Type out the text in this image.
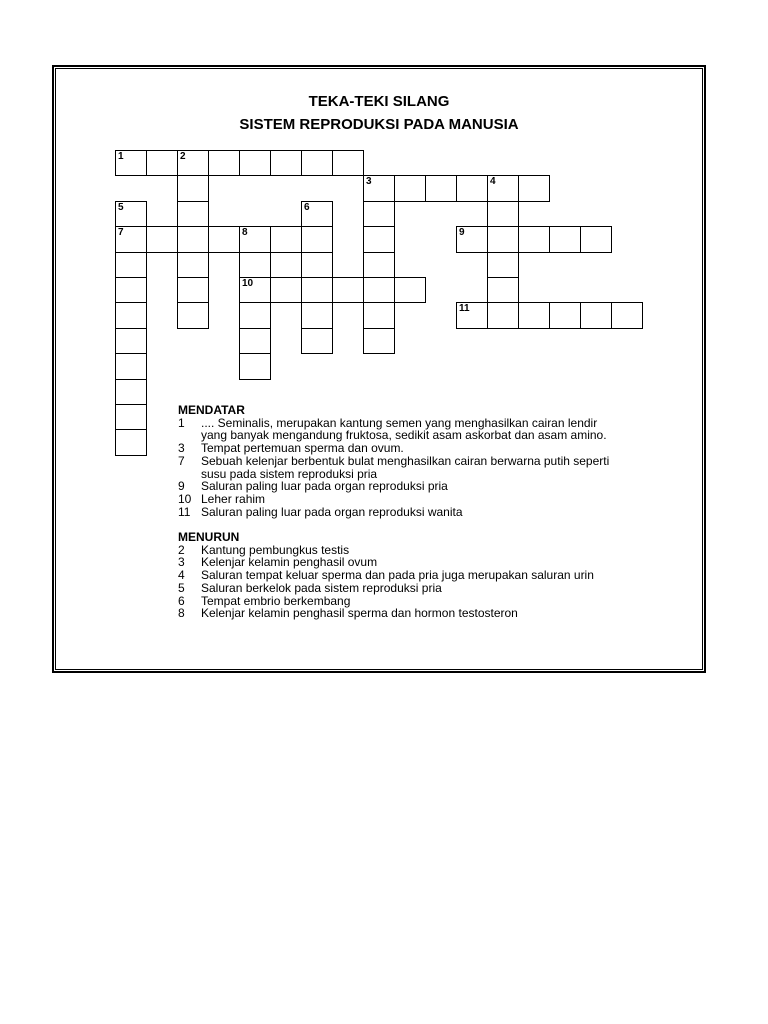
TEKA-TEKI SILANG
SISTEM REPRODUKSI PADA MANUSIA
1	2
3	4
5	6
7	8	9
10
11
MENDATAR
1	.... Seminalis, merupakan kantung semen yang menghasilkan cairan lendir
yang banyak mengandung fruktosa, sedikit asam askorbat dan asam amino.
3	Tempat pertemuan sperma dan ovum.
7	Sebuah kelenjar berbentuk bulat menghasilkan cairan berwarna putih seperti
susu pada sistem reproduksi pria
9	Saluran paling luar pada organ reproduksi pria
10 Leher rahim
11 Saluran paling luar pada organ reproduksi wanita
MENURUN
2	Kantung pembungkus testis
3	Kelenjar kelamin penghasil ovum
4	Saluran tempat keluar sperma dan pada pria juga merupakan saluran urin
5	Saluran berkelok pada sistem reproduksi pria
6	Tempat embrio berkembang
8	Kelenjar kelamin penghasil sperma dan hormon testosteron
